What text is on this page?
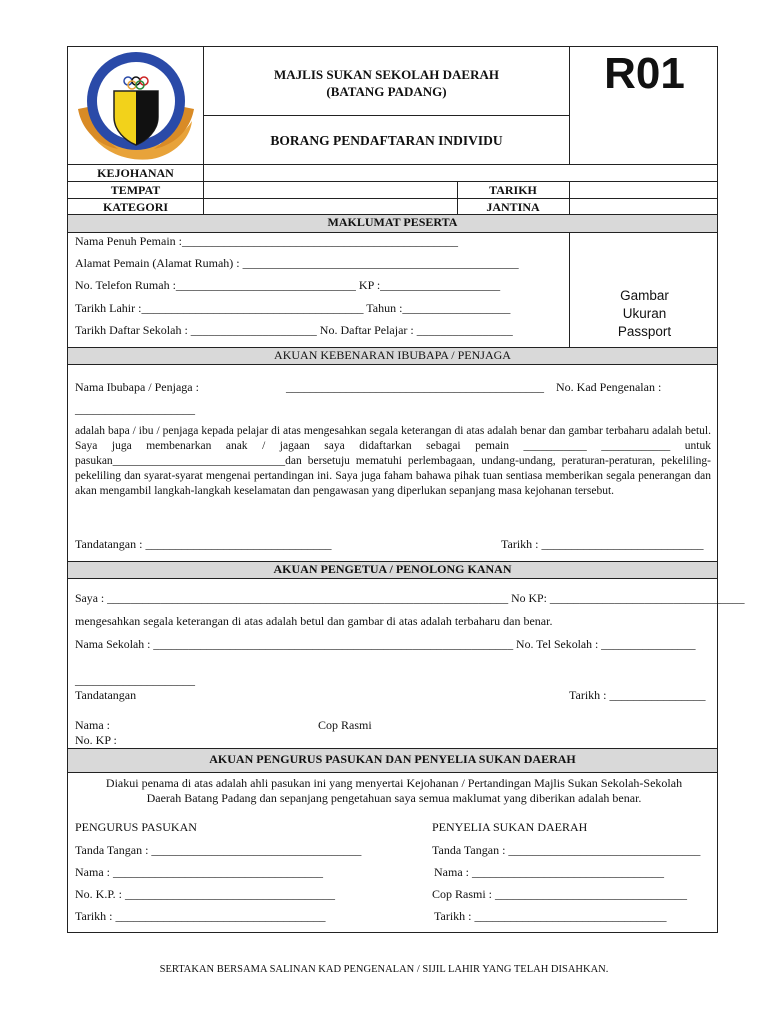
MAJLIS SUKAN SEKOLAH DAERAH
(BATANG PADANG)
BORANG PENDAFTARAN INDIVIDU
R01
KEJOHANAN
TEMPAT	TARIKH
KATEGORI	JANTINA
MAKLUMAT PESERTA
Nama Penuh Pemain :______________________________________________
Alamat Pemain (Alamat Rumah) : ______________________________________________
No. Telefon Rumah :______________________________ KP :____________________
Tarikh Lahir :_____________________________________ Tahun :__________________
Tarikh Daftar Sekolah : _____________________ No. Daftar Pelajar : ________________
Gambar
Ukuran
Passport
AKUAN KEBENARAN IBUBAPA / PENJAGA
Nama Ibubapa / Penjaga :	___________________________________________ No. Kad Pengenalan :
____________________
adalah bapa / ibu / penjaga kepada pelajar di atas mengesahkan segala keterangan di atas adalah benar dan gambar terbaharu adalah betul. Saya juga membenarkan anak / jagaan saya didaftarkan sebagai pemain ___________ ____________ untuk pasukan______________________________dan bersetuju mematuhi perlembagaan, undang-undang, peraturan-peraturan, pekeliling-pekeliling dan syarat-syarat mengenai pertandingan ini. Saya juga faham bahawa pihak tuan sentiasa memberikan segala penerangan dan akan mengambil langkah-langkah keselamatan dan pengawasan yang diperlukan sepanjang masa kejohanan tersebut.
Tandatangan : _______________________________	Tarikh : ___________________________
AKUAN PENGETUA / PENOLONG KANAN
Saya : ____________________________________________________________________ No KP: _________________________________
mengesahkan segala keterangan di atas adalah betul dan gambar di atas adalah terbaharu dan benar.
Nama Sekolah : _____________________________________________________________ No. Tel Sekolah : ________________
____________________
Tandatangan	Tarikh : ________________
Nama :	Cop Rasmi
No. KP :
AKUAN PENGURUS PASUKAN DAN PENYELIA SUKAN DAERAH
Diakui penama di atas adalah ahli pasukan ini yang menyertai Kejohanan / Pertandingan Majlis Sukan Sekolah-Sekolah Daerah Batang Padang dan sepanjang pengetahuan saya semua maklumat yang diberikan adalah benar.
PENGURUS PASUKAN	PENYELIA SUKAN DAERAH
Tanda Tangan : ___________________________________
Nama : ___________________________________
No. K.P. : ___________________________________
Tarikh : ___________________________________
Tanda Tangan : ________________________________
Nama : ________________________________
Cop Rasmi : ________________________________
Tarikh : ________________________________
SERTAKAN BERSAMA SALINAN KAD PENGENALAN / SIJIL LAHIR YANG TELAH DISAHKAN.
